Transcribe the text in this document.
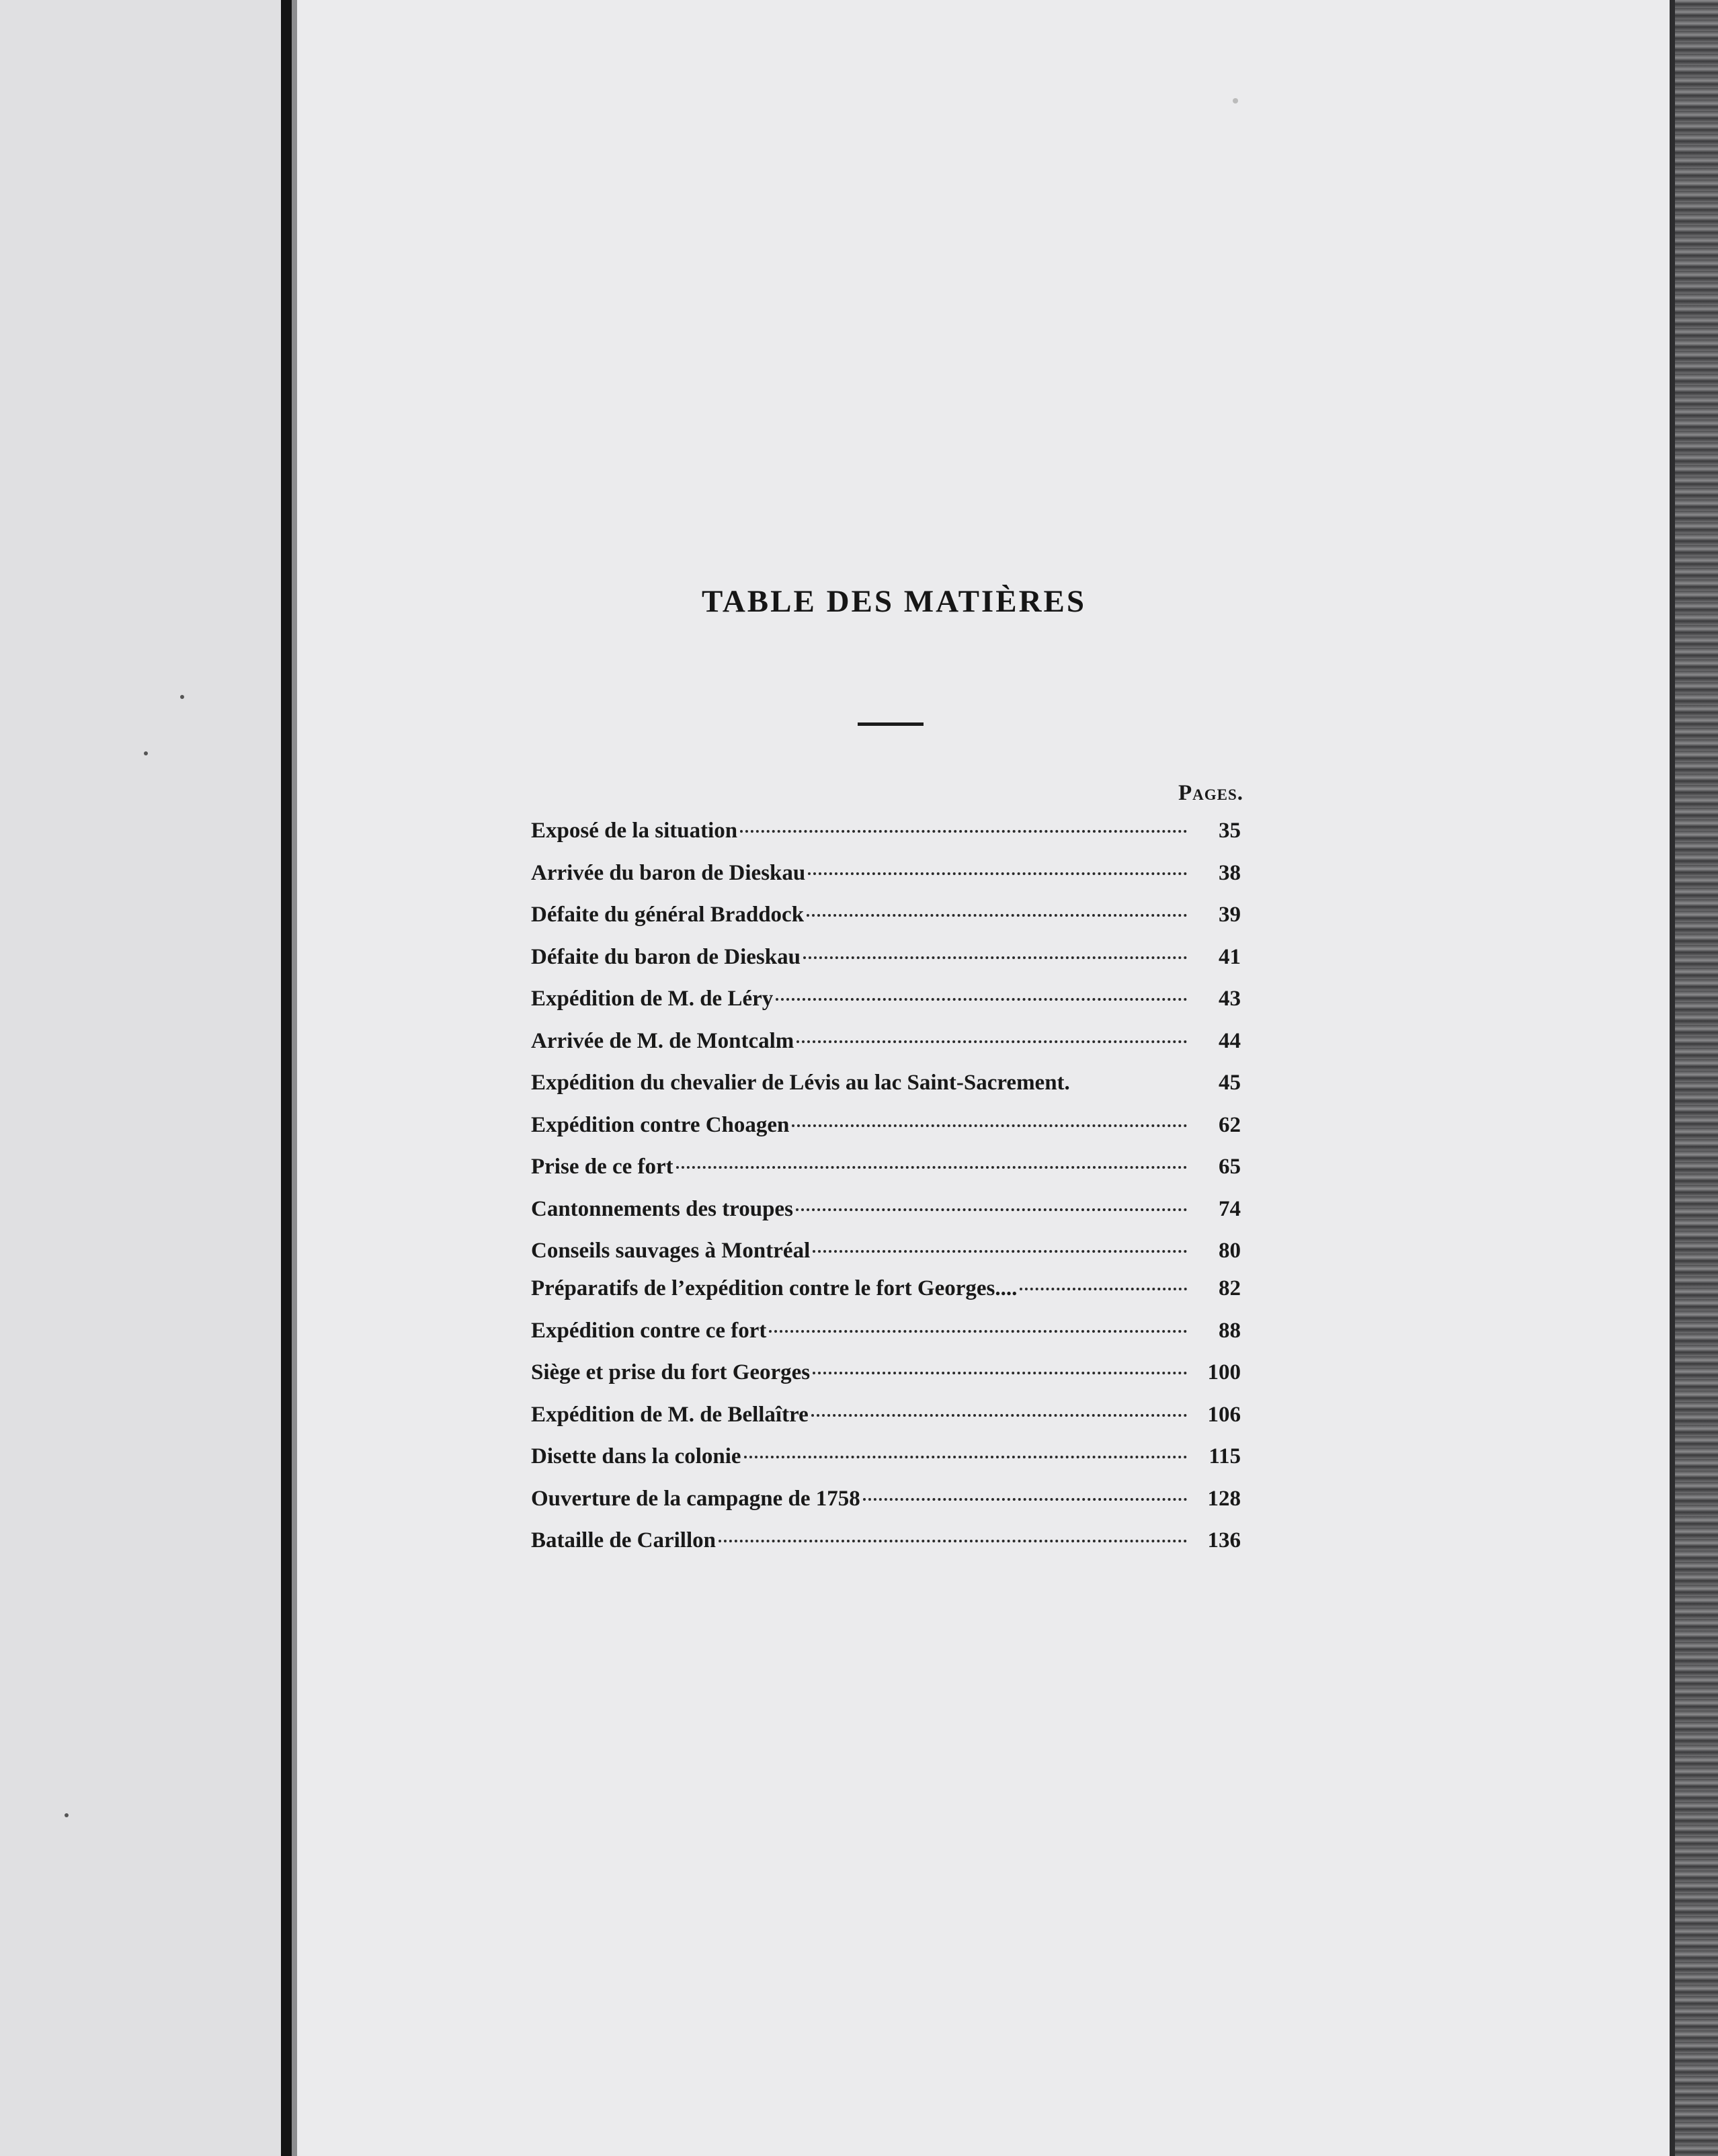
TABLE DES MATIÈRES
Pages.
Exposé de la situation	35
Arrivée du baron de Dieskau	38
Défaite du général Braddock	39
Défaite du baron de Dieskau	41
Expédition de M. de Léry	43
Arrivée de M. de Montcalm	44
Expédition du chevalier de Lévis au lac Saint-Sacrement.	45
Expédition contre Choagen	62
Prise de ce fort	65
Cantonnements des troupes	74
Conseils sauvages à Montréal	80
Préparatifs de l’expédition contre le fort Georges....	82
Expédition contre ce fort	88
Siège et prise du fort Georges	100
Expédition de M. de Bellaître	106
Disette dans la colonie	115
Ouverture de la campagne de 1758	128
Bataille de Carillon	136
